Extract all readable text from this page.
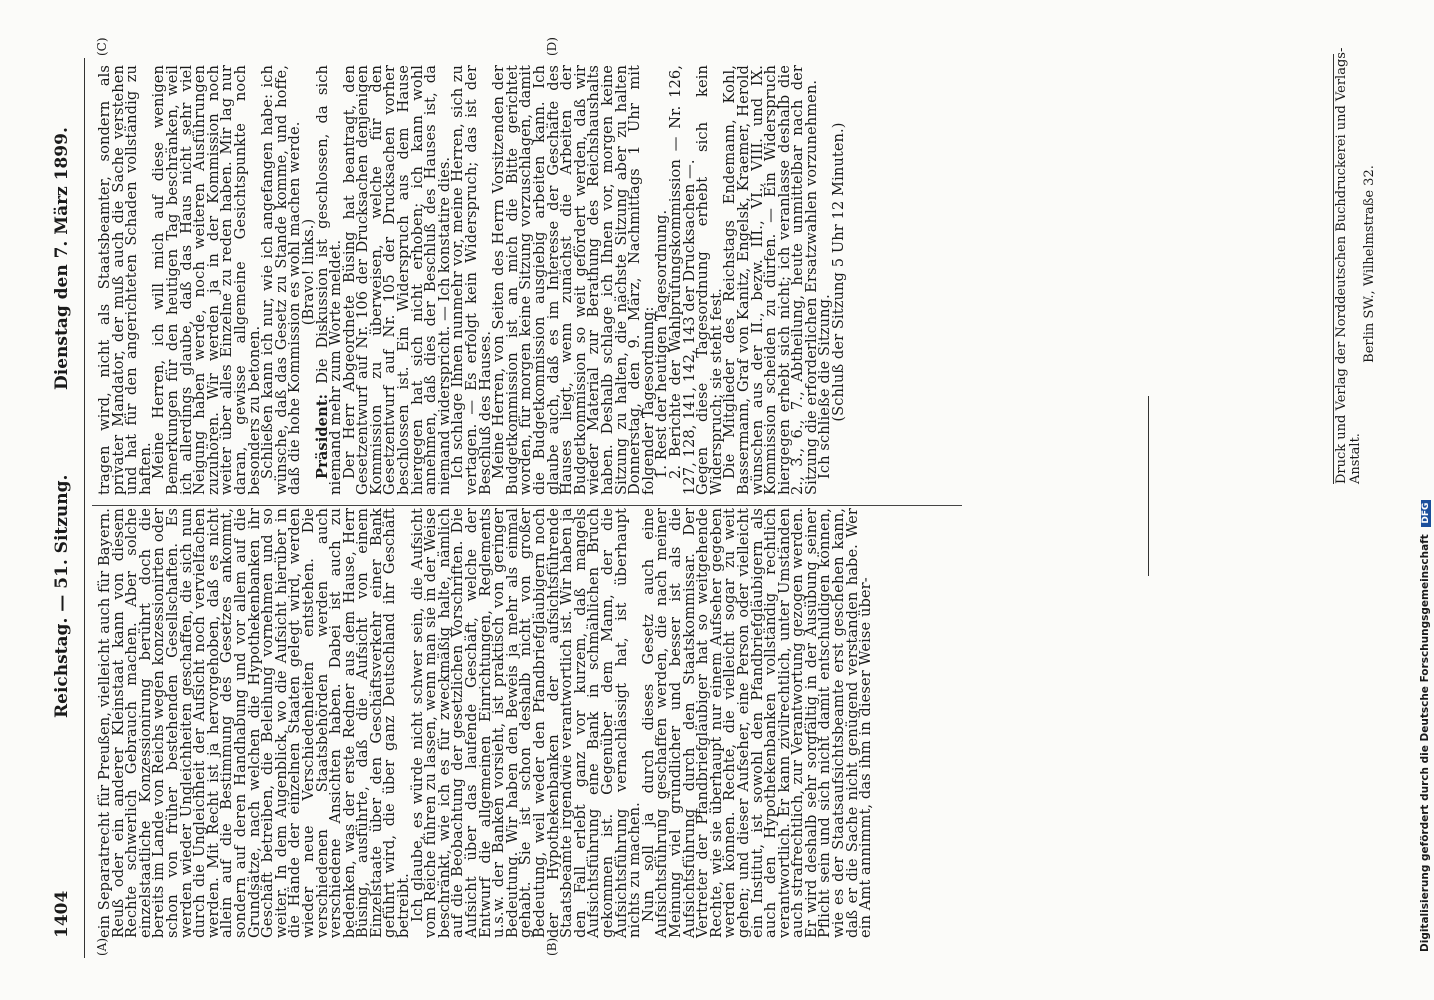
1404
Reichstag. — 51. Sitzung.
Dienstag den 7. März 1899.
(A)	(B)
(C)	(D)

ein Separatrecht für Preußen, vielleicht auch für Bayern. Reuß oder ein anderer Kleinstaat kann von diesem Rechte schwerlich Gebrauch machen. Aber solche einzelstaatliche Konzessionirung berührt doch die bereits im Lande von Reichs wegen konzessionirten oder schon von früher bestehenden Gesellschaften. Es werden wieder Ungleichheiten geschaffen, die sich nun durch die Ungleichheit der Aufsicht noch vervielfachen werden. Mit Recht ist ja hervorgehoben, daß es nicht allein auf die Bestimmung des Gesetzes ankommt, sondern auf deren Handhabung und vor allem auf die Grundsätze, nach welchen die Hypothekenbanken ihr Geschäft betreiben, die Beleihung vornehmen und so weiter. In dem Augenblick, wo die Aufsicht hierüber in die Hände der einzelnen Staaten gelegt wird, werden wieder neue Verschiedenheiten entstehen. Die verschiedenen Staatsbehörden werden auch verschiedene Ansichten haben. Dabei ist auch zu bedenken, was der erste Redner aus dem Hause, Herr Büsing, ausführte, daß die Aufsicht von einem Einzelstaate über den Geschäftsverkehr einer Bank geführt wird, die über ganz Deutschland ihr Geschäft betreibt.

Ich glaube, es würde nicht schwer sein, die Aufsicht vom Reiche führen zu lassen, wenn man sie in der Weise beschränkt, wie ich es für zweckmäßig halte, nämlich auf die Beobachtung der gesetzlichen Vorschriften. Die Aufsicht über das laufende Geschäft, welche der Entwurf die allgemeinen Einrichtungen, Reglements u.s.w. der Banken vorsieht, ist praktisch von geringer Bedeutung. Wir haben den Beweis ja mehr als einmal gehabt. Sie ist schon deshalb nicht von großer Bedeutung, weil weder den Pfandbriefgläubigern noch der Hypothekenbanken der aufsichtsführende Staatsbeamte irgendwie verantwortlich ist. Wir haben ja den Fall erlebt ganz vor kurzem, daß mangels Aufsichtsführung eine Bank in schmählichen Bruch gekommen ist. Gegenüber dem Mann, der die Aufsichtsführung vernachlässigt hat, ist überhaupt nichts zu machen.

Nun soll ja durch dieses Gesetz auch eine Aufsichtsführung geschaffen werden, die nach meiner Meinung viel gründlicher und besser ist als die Aufsichtsführung durch den Staatskommissar. Der Vertreter der Pfandbriefgläubiger hat so weitgehende Rechte, wie sie überhaupt nur einem Aufseher gegeben werden können. Rechte, die vielleicht sogar zu weit gehen; und dieser Aufseher, eine Person oder vielleicht ein Institut, ist sowohl den Pfandbriefgläubigern als auch den Hypothekenbanken vollständig rechtlich verantwortlich. Er kann zivilrechtlich, unter Umständen auch strafrechtlich, zur Verantwortung gezogen werden. Er wird deshalb sehr sorgfältig in der Ausübung seiner Pflicht sein und sich nicht damit entschuldigen können, wie es der Staatsaufsichtsbeamte erst geschehen kann, daß er die Sache nicht genügend verstanden habe. Wer ein Amt annimmt, das ihm in dieser Weise über-

tragen wird, nicht als Staatsbeamter, sondern als privater Mandator, der muß auch die Sache verstehen und hat für den angerichteten Schaden vollständig zu haften.

Meine Herren, ich will mich auf diese wenigen Bemerkungen für den heutigen Tag beschränken, weil ich allerdings glaube, daß das Haus nicht sehr viel Neigung haben werde, noch weiteren Ausführungen zuzuhören. Wir werden ja in der Kommission noch weiter über alles Einzelne zu reden haben. Mir lag nur daran, gewisse allgemeine Gesichtspunkte noch besonders zu betonen.

Schließen kann ich nur, wie ich angefangen habe: ich wünsche, daß das Gesetz zu Stande komme, und hoffe, daß die hohe Kommission es wohl machen werde.

(Bravo! links.)

Präsident: Die Diskussion ist geschlossen, da sich niemand mehr zum Worte meldet.

Der Herr Abgeordnete Büsing hat beantragt, den Gesetzentwurf auf Nr. 106 der Drucksachen denjenigen Kommission zu überweisen, welche für den Gesetzentwurf auf Nr. 105 der Drucksachen vorher beschlossen ist. Ein Widerspruch aus dem Hause hiergegen hat sich nicht erhoben; ich kann wohl annehmen, daß dies der Beschluß des Hauses ist, da niemand widerspricht. — Ich konstatire dies.

Ich schlage Ihnen nunmehr vor, meine Herren, sich zu vertagen. — Es erfolgt kein Widerspruch; das ist der Beschluß des Hauses.

Meine Herren, von Seiten des Herrn Vorsitzenden der Budgetkommission ist an mich die Bitte gerichtet worden, für morgen keine Sitzung vorzuschlagen, damit die Budgetkommission ausgiebig arbeiten kann. Ich glaube auch, daß es im Interesse der Geschäfte des Hauses liegt, wenn zunächst die Arbeiten der Budgetkommission so weit gefördert werden, daß wir wieder Material zur Berathung des Reichshaushalts haben. Deshalb schlage ich Ihnen vor, morgen keine Sitzung zu halten, die nächste Sitzung aber zu halten Donnerstag, den 9. März, Nachmittags 1 Uhr mit folgender Tagesordnung:

1. Rest der heutigen Tagesordnung.

2. Berichte der Wahlprüfungskommission — Nr. 126, 127, 128, 141, 142, 143 der Drucksachen —.

Gegen diese Tagesordnung erhebt sich kein Widerspruch; sie steht fest.

Die Mitglieder des Reichstags Endemann, Kohl, Bassermann, Graf von Kanitz, Engelsk, Kraemer, Herold wünschen aus der II., bezw. III., VI., VIII. und IX. Kommission scheiden zu dürfen. — Ein Widerspruch hiergegen erhebt sich nicht; ich veranlasse deshalb die 2., 3., 6., 7., Abtheilung, heute unmittelbar nach der Sitzung die erforderlichen Ersatzwahlen vorzunehmen.

Ich schließe die Sitzung.

(Schluß der Sitzung 5 Uhr 12 Minuten.)	Druck und Verlag der Norddeutschen Buchdruckerei und Verlags-Anstalt.
Berlin SW., Wilhelmstraße 32.
Digitalisierung gefördert durch die Deutsche Forschungsgemeinschaft DFG
